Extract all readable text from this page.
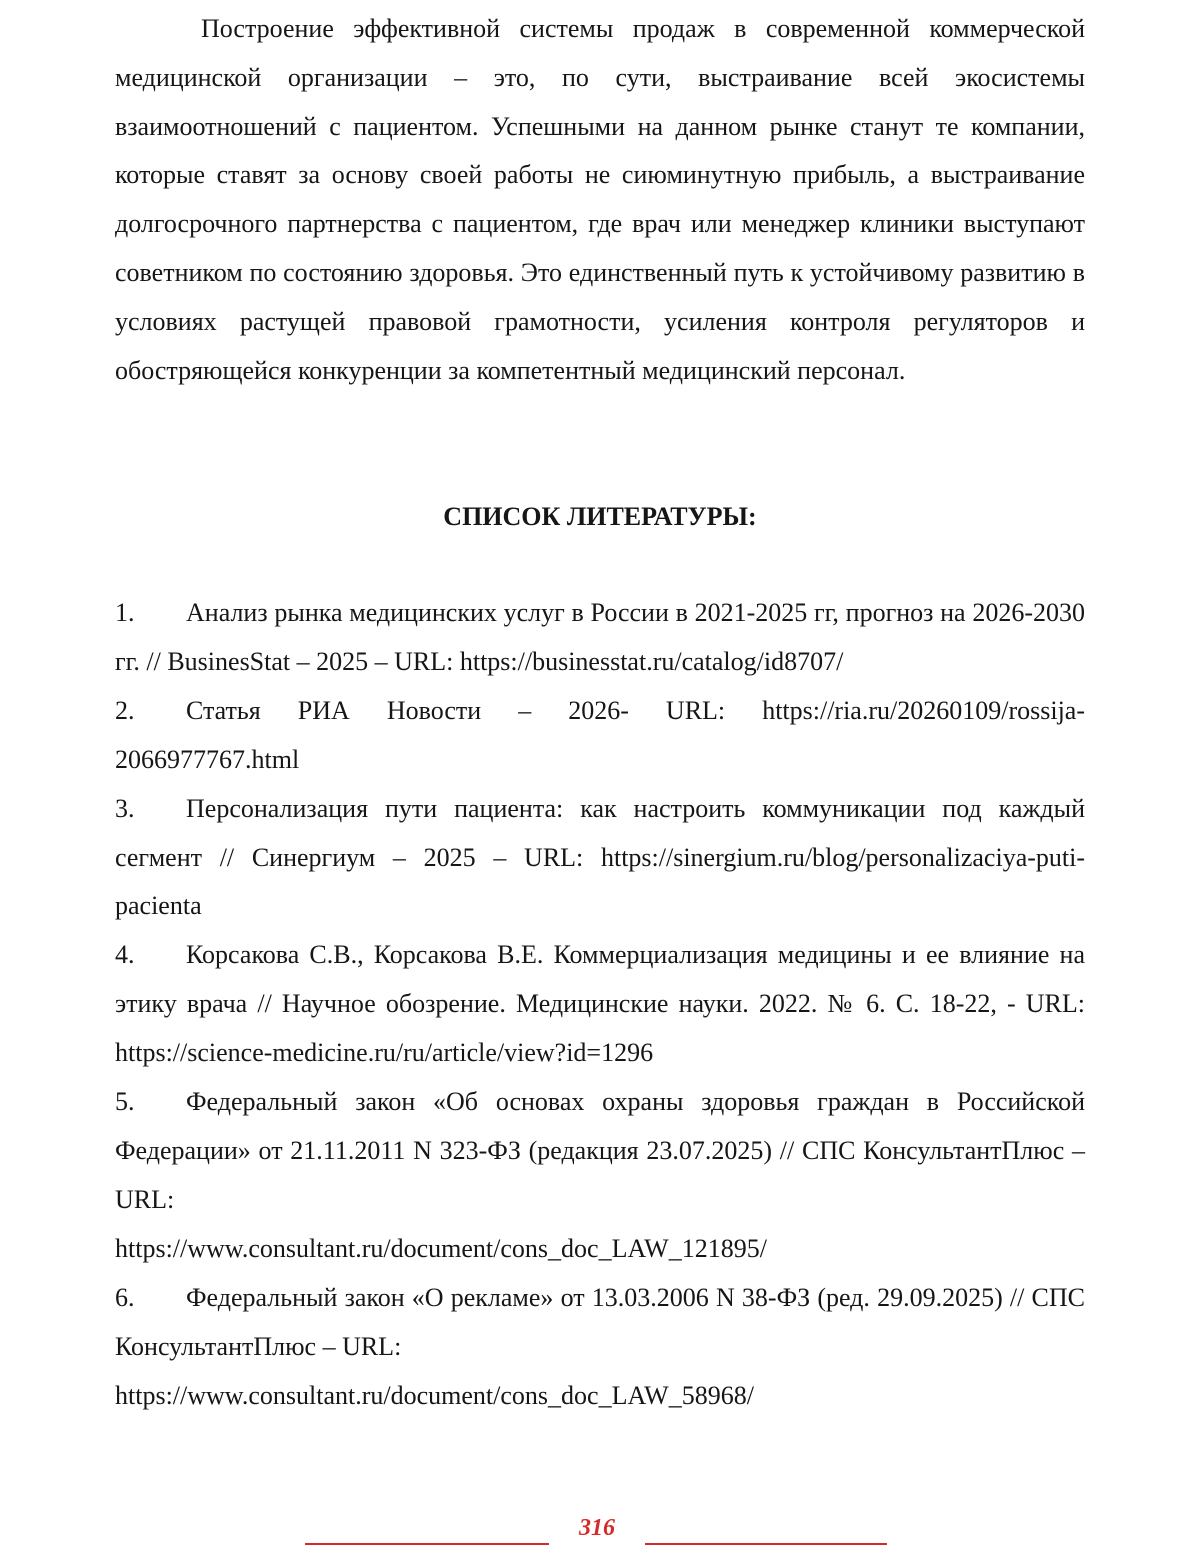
Построение эффективной системы продаж в современной коммерческой медицинской организации – это, по сути, выстраивание всей экосистемы взаимоотношений с пациентом. Успешными на данном рынке станут те компании, которые ставят за основу своей работы не сиюминутную прибыль, а выстраивание долгосрочного партнерства с пациентом, где врач или менеджер клиники выступают советником по состоянию здоровья. Это единственный путь к устойчивому развитию в условиях растущей правовой грамотности, усиления контроля регуляторов и обостряющейся конкуренции за компетентный медицинский персонал.

СПИСОК ЛИТЕРАТУРЫ:
1. Анализ рынка медицинских услуг в России в 2021-2025 гг, прогноз на 2026-2030 гг. // BusinesStat – 2025 – URL: https://businesstat.ru/catalog/id8707/
2. Статья РИА Новости – 2026- URL: https://ria.ru/20260109/rossija-2066977767.html
3. Персонализация пути пациента: как настроить коммуникации под каждый сегмент // Синергиум – 2025 – URL: https://sinergium.ru/blog/personalizaciya-puti-pacienta
4. Корсакова С.В., Корсакова В.Е. Коммерциализация медицины и ее влияние на этику врача // Научное обозрение. Медицинские науки. 2022. № 6. С. 18-22, - URL: https://science-medicine.ru/ru/article/view?id=1296
5. Федеральный закон «Об основах охраны здоровья граждан в Российской Федерации» от 21.11.2011 N 323-ФЗ (редакция 23.07.2025) // СПС КонсультантПлюс – URL:
https://www.consultant.ru/document/cons_doc_LAW_121895/
6. Федеральный закон «О рекламе» от 13.03.2006 N 38-ФЗ (ред. 29.09.2025) // СПС КонсультантПлюс – URL:
https://www.consultant.ru/document/cons_doc_LAW_58968/
316
